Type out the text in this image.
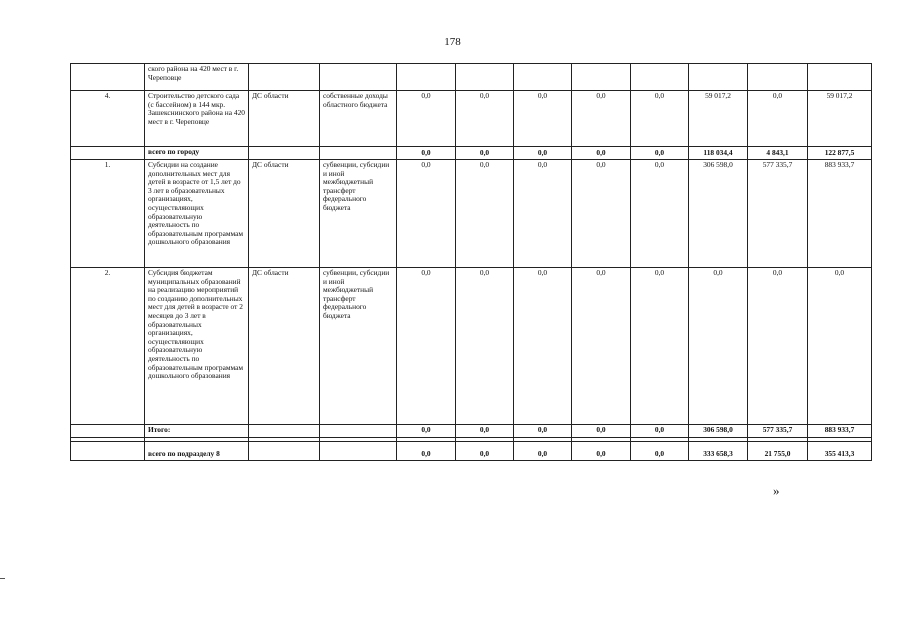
178
	ского района на 420 мест в г. Череповце										
4.	Строительство детского сада (с бассейном) в 144 мкр. Зашекснинского района на 420 мест в г. Череповце	ДС области	собственные доходы областного бюджета	0,0	0,0	0,0	0,0	0,0	59 017,2	0,0	59 017,2
	всего по городу			0,0	0,0	0,0	0,0	0,0	118 034,4	4 843,1	122 877,5
1.	Субсидии на создание дополнительных мест для детей в возрасте от 1,5 лет до 3 лет в образовательных организациях, осуществляющих образовательную деятельность по образовательным программам дошкольного образования	ДС области	субвенции, субсидии и иной межбюджетный трансферт федерального бюджета	0,0	0,0	0,0	0,0	0,0	306 598,0	577 335,7	883 933,7
2.	Субсидия бюджетам муниципальных образований на реализацию мероприятий по созданию дополнительных мест для детей в возрасте от 2 месяцев до 3 лет в образовательных организациях, осуществляющих образовательную деятельность по образовательным программам дошкольного образования	ДС области	субвенции, субсидии и иной межбюджетный трансферт федерального бюджета	0,0	0,0	0,0	0,0	0,0	0,0	0,0	0,0
	Итого:			0,0	0,0	0,0	0,0	0,0	306 598,0	577 335,7	883 933,7

	всего по подразделу 8			0,0	0,0	0,0	0,0	0,0	333 658,3	21 755,0	355 413,3
»
